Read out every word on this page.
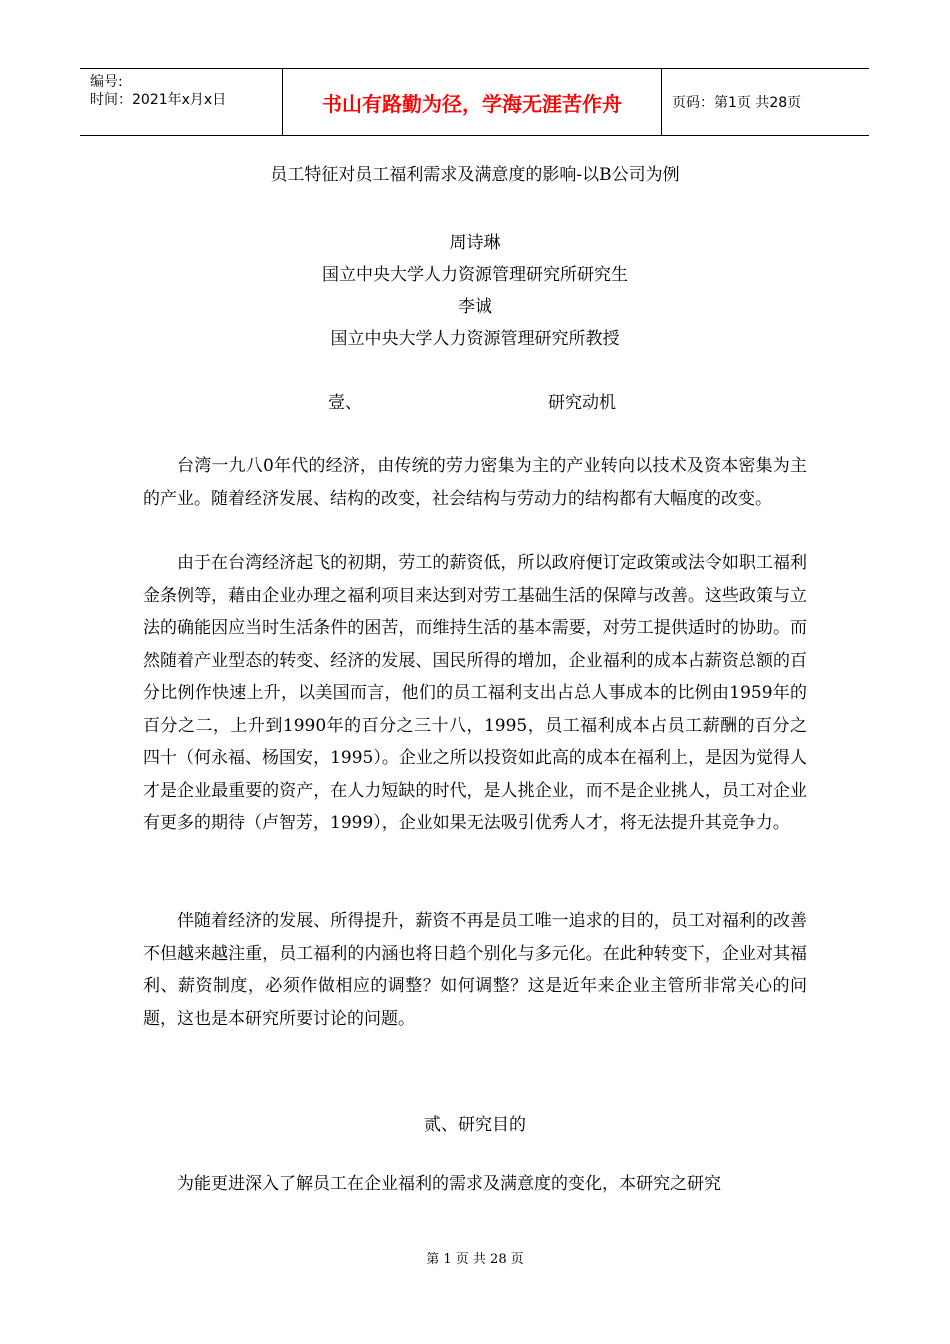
编号:
时间：2021年x月x日	书山有路勤为径，学海无涯苦作舟	页码：第1页 共28页
员工特征对员工福利需求及满意度的影响-以B公司为例
周诗琳
国立中央大学人力资源管理研究所研究生
李诚
国立中央大学人力资源管理研究所教授
壹、	研究动机

台湾一九八0年代的经济，由传统的劳力密集为主的产业转向以技术及资本密集为主的产业。随着经济发展、结构的改变，社会结构与劳动力的结构都有大幅度的改变。

由于在台湾经济起飞的初期，劳工的薪资低，所以政府便订定政策或法令如职工福利金条例等，藉由企业办理之福利项目来达到对劳工基础生活的保障与改善。这些政策与立法的确能因应当时生活条件的困苦，而维持生活的基本需要，对劳工提供适时的协助。而然随着产业型态的转变、经济的发展、国民所得的增加，企业福利的成本占薪资总额的百分比例作快速上升，以美国而言，他们的员工福利支出占总人事成本的比例由1959年的百分之二，上升到1990年的百分之三十八，1995，员工福利成本占员工薪酬的百分之四十（何永福、杨国安，1995）。企业之所以投资如此高的成本在福利上，是因为觉得人才是企业最重要的资产，在人力短缺的时代，是人挑企业，而不是企业挑人，员工对企业有更多的期待（卢智芳，1999），企业如果无法吸引优秀人才，将无法提升其竞争力。

伴随着经济的发展、所得提升，薪资不再是员工唯一追求的目的，员工对福利的改善不但越来越注重，员工福利的内涵也将日趋个别化与多元化。在此种转变下，企业对其福利、薪资制度，必须作做相应的调整？如何调整？这是近年来企业主管所非常关心的问题，这也是本研究所要讨论的问题。

贰、研究目的

为能更进深入了解员工在企业福利的需求及满意度的变化，本研究之研究

第 1 页 共 28 页
